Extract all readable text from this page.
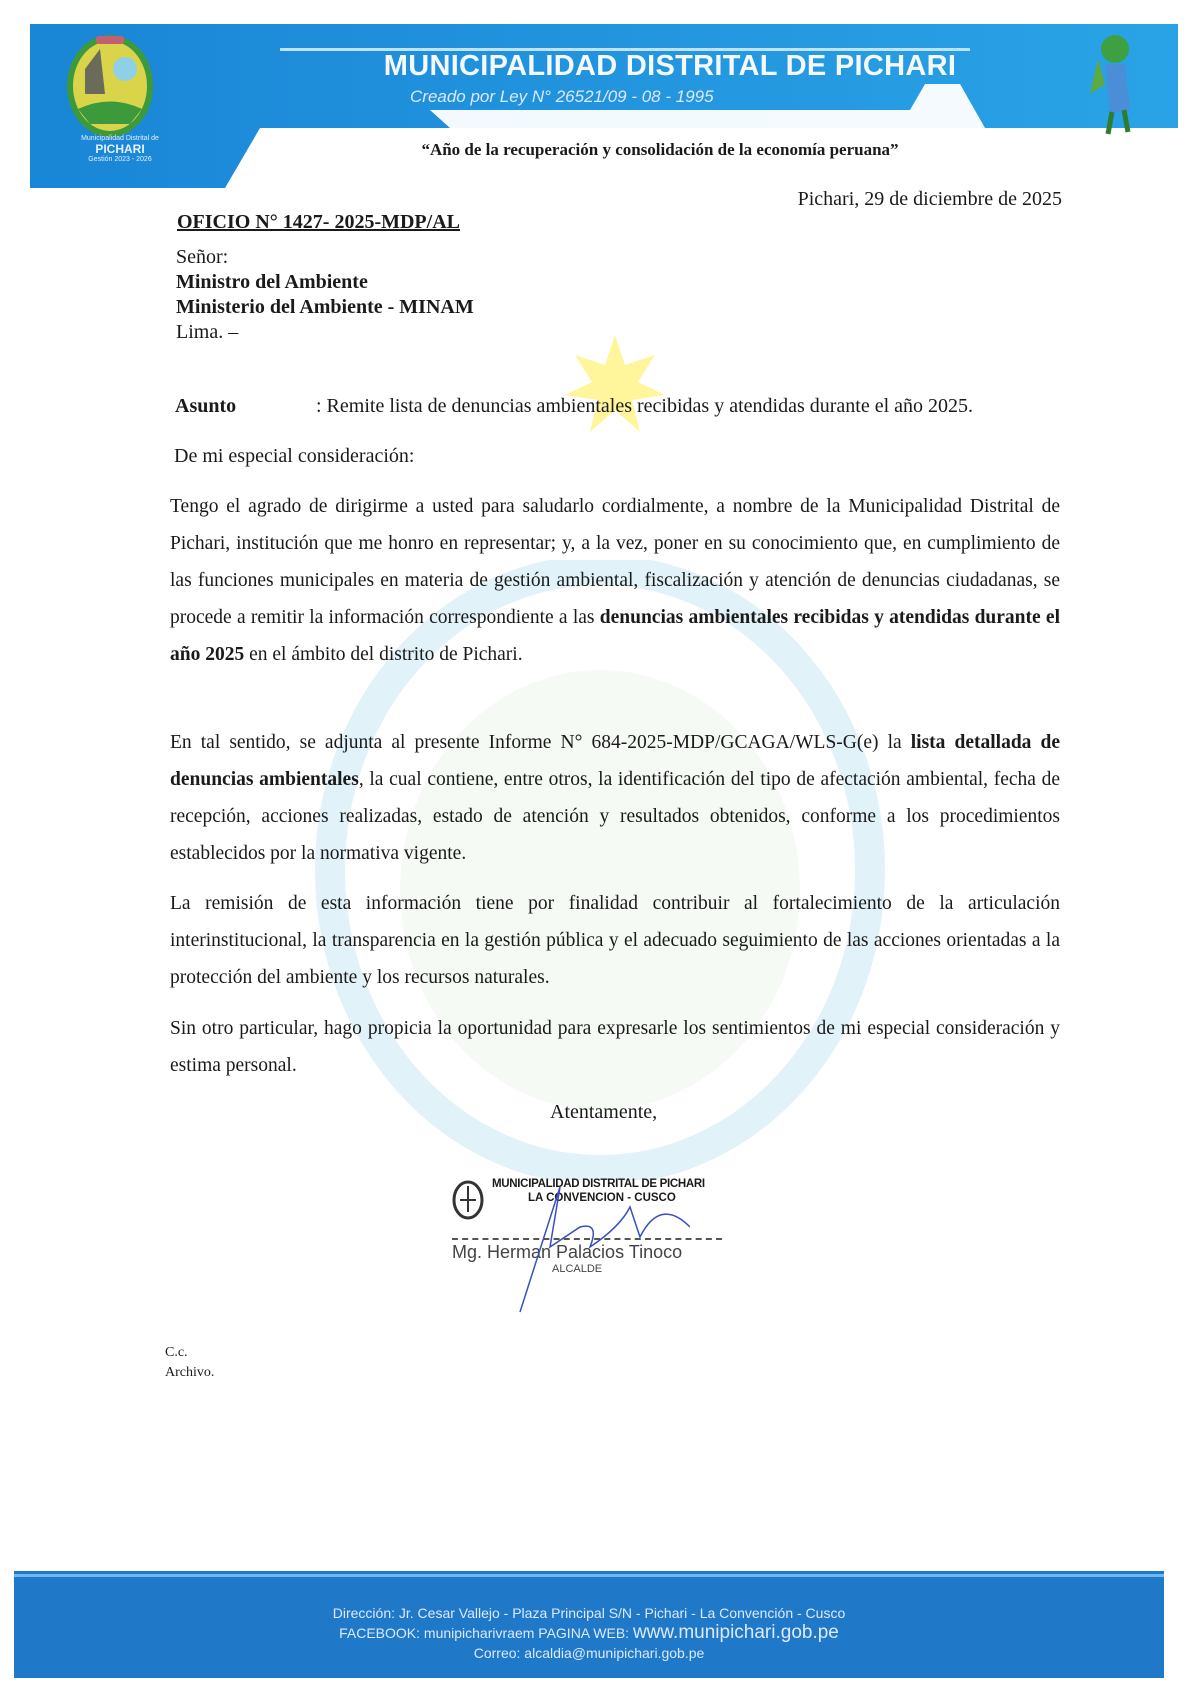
Municipalidad Distrital de
PICHARI
Gestión 2023 - 2026
MUNICIPALIDAD DISTRITAL DE PICHARI
Creado por Ley N° 26521/09 - 08 - 1995
“Año de la recuperación y consolidación de la economía peruana”
Pichari, 29 de diciembre de 2025
OFICIO N° 1427- 2025-MDP/AL
Señor:
Ministro del Ambiente
Ministerio del Ambiente - MINAM
Lima. –
Asunto	: Remite lista de denuncias ambientales recibidas y atendidas durante el año 2025.
De mi especial consideración:

Tengo el agrado de dirigirme a usted para saludarlo cordialmente, a nombre de la Municipalidad Distrital de Pichari, institución que me honro en representar; y, a la vez, poner en su conocimiento que, en cumplimiento de las funciones municipales en materia de gestión ambiental, fiscalización y atención de denuncias ciudadanas, se procede a remitir la información correspondiente a las denuncias ambientales recibidas y atendidas durante el año 2025 en el ámbito del distrito de Pichari.

En tal sentido, se adjunta al presente Informe N° 684-2025-MDP/GCAGA/WLS-G(e) la lista detallada de denuncias ambientales, la cual contiene, entre otros, la identificación del tipo de afectación ambiental, fecha de recepción, acciones realizadas, estado de atención y resultados obtenidos, conforme a los procedimientos establecidos por la normativa vigente.

La remisión de esta información tiene por finalidad contribuir al fortalecimiento de la articulación interinstitucional, la transparencia en la gestión pública y el adecuado seguimiento de las acciones orientadas a la protección del ambiente y los recursos naturales.

Sin otro particular, hago propicia la oportunidad para expresarle los sentimientos de mi especial consideración y estima personal.

Atentamente,
MUNICIPALIDAD DISTRITAL DE PICHARI
LA CONVENCION - CUSCO
Mg. Herman Palacios Tinoco
ALCALDE
C.c.
Archivo.
Dirección: Jr. Cesar Vallejo - Plaza Principal S/N - Pichari - La Convención - Cusco
FACEBOOK: munipicharivraem PAGINA WEB: www.munipichari.gob.pe
Correo: alcaldia@munipichari.gob.pe
